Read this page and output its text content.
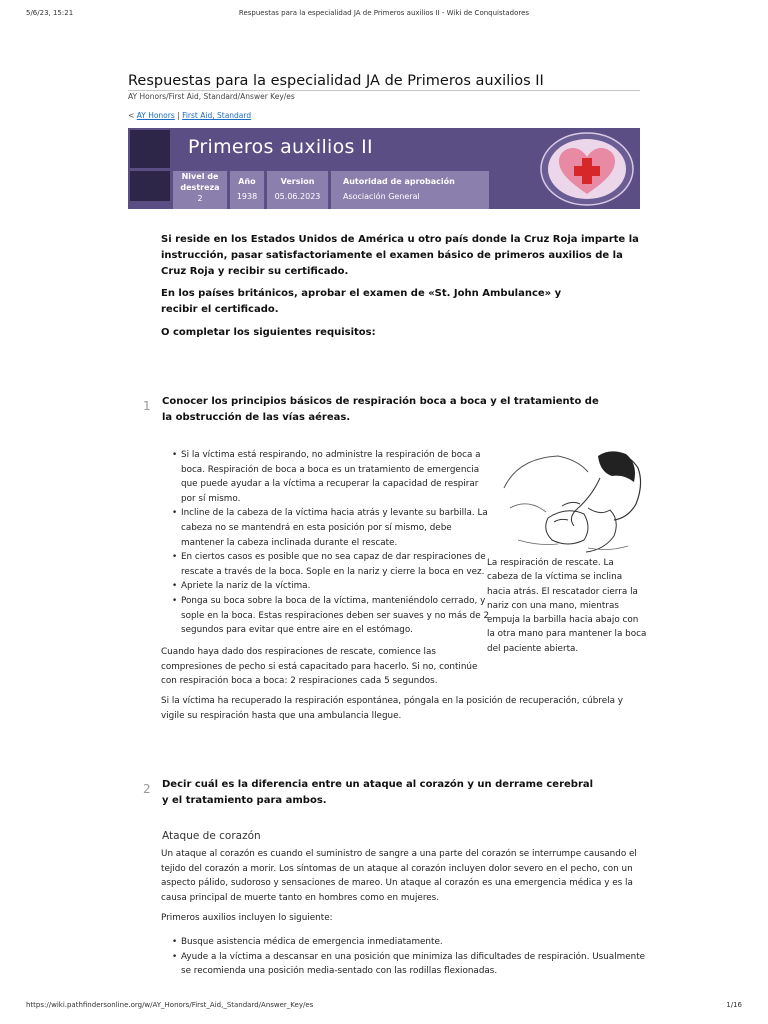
5/6/23, 15:21	Respuestas para la especialidad JA de Primeros auxilios II - Wiki de Conquistadores
Respuestas para la especialidad JA de Primeros auxilios II
AY Honors/First Aid, Standard/Answer Key/es
< AY Honors | First Aid, Standard
Primeros auxilios II
Nivel de destreza
2
Año
1938
Version
05.06.2023
Autoridad de aprobación
Asociación General
Si reside en los Estados Unidos de América u otro país donde la Cruz Roja imparte la instrucción, pasar satisfactoriamente el examen básico de primeros auxilios de la Cruz Roja y recibir su certificado.
En los países británicos, aprobar el examen de «St. John Ambulance» y recibir el certificado.
O completar los siguientes requisitos:
1 Conocer los principios básicos de respiración boca a boca y el tratamiento de la obstrucción de las vías aéreas.
• Si la víctima está respirando, no administre la respiración de boca a boca. Respiración de boca a boca es un tratamiento de emergencia que puede ayudar a la víctima a recuperar la capacidad de respirar por sí mismo.
• Incline de la cabeza de la víctima hacia atrás y levante su barbilla. La cabeza no se mantendrá en esta posición por sí mismo, debe mantener la cabeza inclinada durante el rescate.
• En ciertos casos es posible que no sea capaz de dar respiraciones de rescate a través de la boca. Sople en la nariz y cierre la boca en vez.
• Apriete la nariz de la víctima.
• Ponga su boca sobre la boca de la víctima, manteniéndolo cerrado, y sople en la boca. Estas respiraciones deben ser suaves y no más de 2 segundos para evitar que entre aire en el estómago.
La respiración de rescate. La cabeza de la víctima se inclina hacia atrás. El rescatador cierra la nariz con una mano, mientras empuja la barbilla hacia abajo con la otra mano para mantener la boca del paciente abierta.
Cuando haya dado dos respiraciones de rescate, comience las compresiones de pecho si está capacitado para hacerlo. Si no, continúe con respiración boca a boca: 2 respiraciones cada 5 segundos.
Si la víctima ha recuperado la respiración espontánea, póngala en la posición de recuperación, cúbrela y vigile su respiración hasta que una ambulancia llegue.
2 Decir cuál es la diferencia entre un ataque al corazón y un derrame cerebral y el tratamiento para ambos.
Ataque de corazón
Un ataque al corazón es cuando el suministro de sangre a una parte del corazón se interrumpe causando el tejido del corazón a morir. Los síntomas de un ataque al corazón incluyen dolor severo en el pecho, con un aspecto pálido, sudoroso y sensaciones de mareo. Un ataque al corazón es una emergencia médica y es la causa principal de muerte tanto en hombres como en mujeres.
Primeros auxilios incluyen lo siguiente:
• Busque asistencia médica de emergencia inmediatamente.
• Ayude a la víctima a descansar en una posición que minimiza las dificultades de respiración. Usualmente se recomienda una posición media-sentado con las rodillas flexionadas.
https://wiki.pathfindersonline.org/w/AY_Honors/First_Aid,_Standard/Answer_Key/es	1/16
